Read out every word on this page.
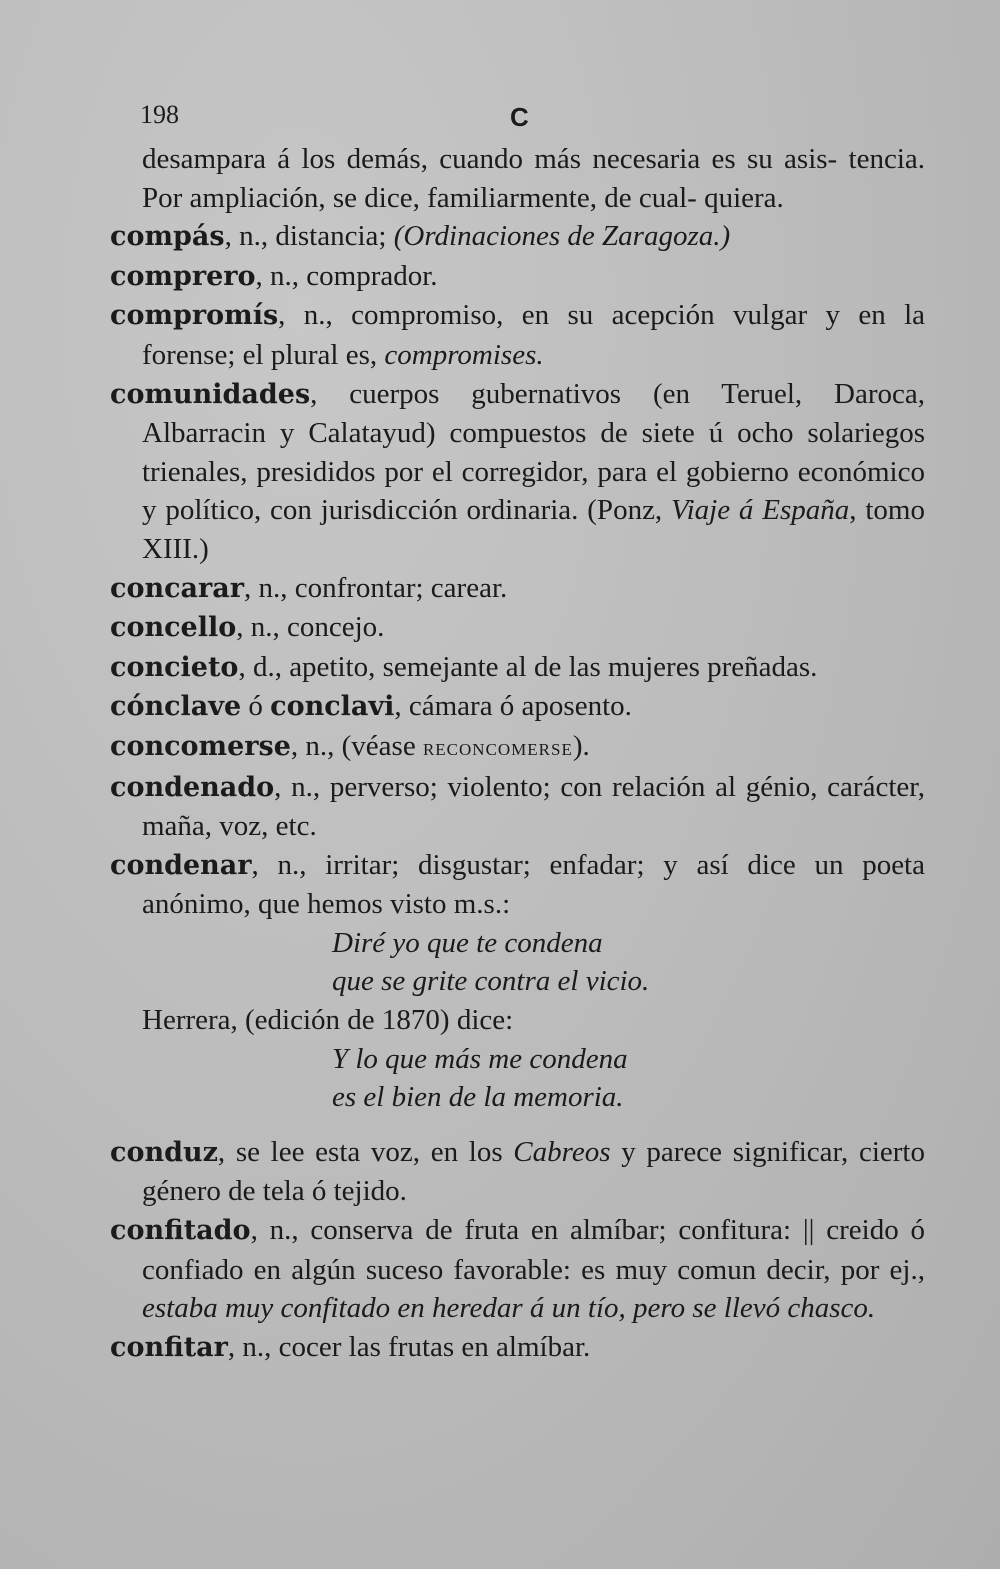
198	C

desampara á los demás, cuando más necesaria es su asis- tencia. Por ampliación, se dice, familiarmente, de cual- quiera.

compás, n., distancia; (Ordinaciones de Zaragoza.)

comprero, n., comprador.

compromís, n., compromiso, en su acepción vulgar y en la forense; el plural es, compromises.

comunidades, cuerpos gubernativos (en Teruel, Daroca, Albarracin y Calatayud) compuestos de siete ú ocho solariegos trienales, presididos por el corregidor, para el gobierno económico y político, con jurisdicción ordinaria. (Ponz, Viaje á España, tomo XIII.)

concarar, n., confrontar; carear.

concello, n., concejo.

concieto, d., apetito, semejante al de las mujeres preñadas.

cónclave ó conclavi, cámara ó aposento.

concomerse, n., (véase reconcomerse).

condenado, n., perverso; violento; con relación al génio, carácter, maña, voz, etc.

condenar, n., irritar; disgustar; enfadar; y así dice un poeta anónimo, que hemos visto m.s.:

Diré yo que te condena

que se grite contra el vicio.

Herrera, (edición de 1870) dice:

Y lo que más me condena

es el bien de la memoria.

conduz, se lee esta voz, en los Cabreos y parece significar, cierto género de tela ó tejido.

confitado, n., conserva de fruta en almíbar; confitura: || creido ó confiado en algún suceso favorable: es muy comun decir, por ej., estaba muy confitado en heredar á un tío, pero se llevó chasco.

confitar, n., cocer las frutas en almíbar.
